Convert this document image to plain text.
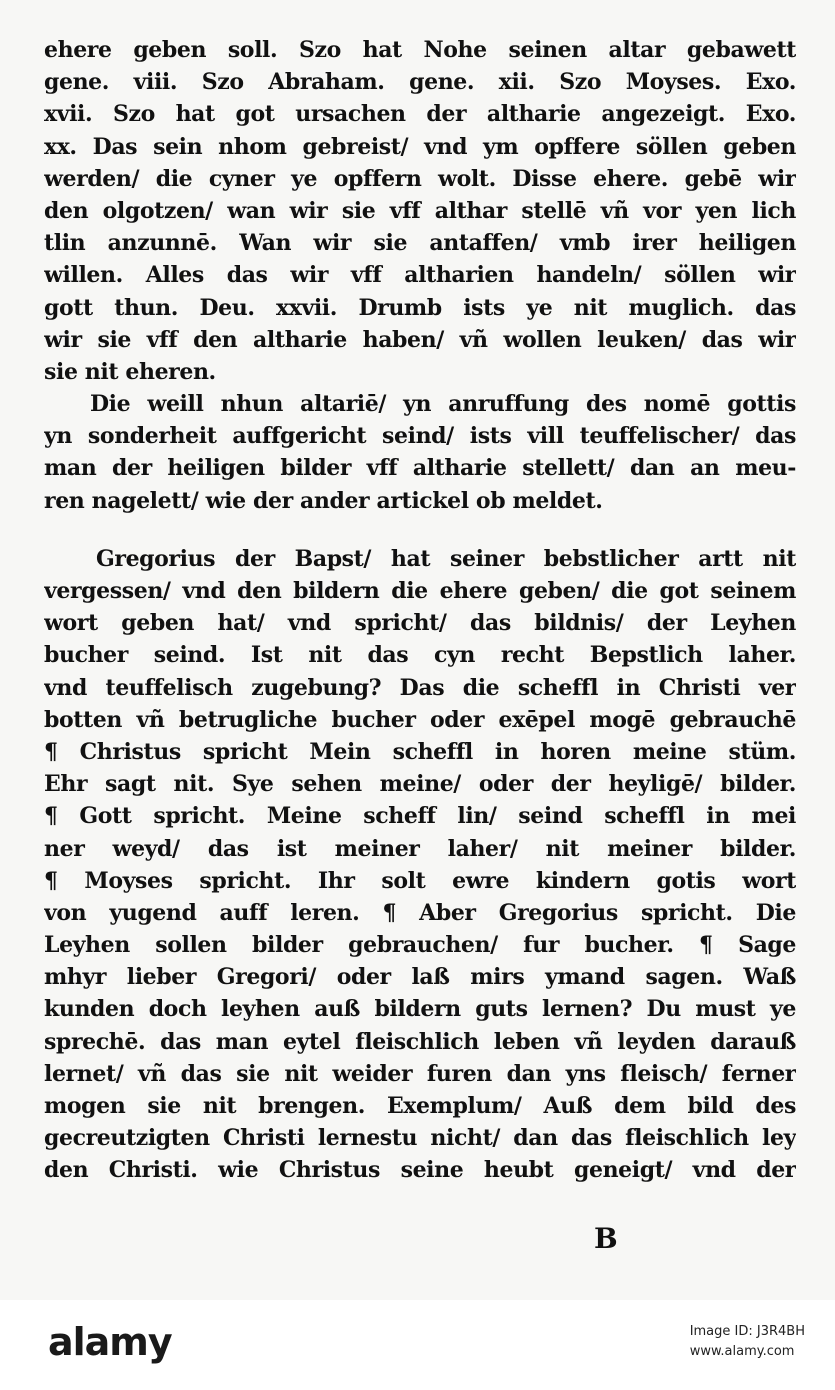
ehere geben soll. Szo hat Nohe seinen altar gebawett
gene. viii. Szo Abraham. gene. xii. Szo Moyses. Exo.
xvii. Szo hat got ursachen der altharie angezeigt. Exo.
xx. Das sein nhom gebreist/ vnd ym opffere söllen geben
werden/ die cyner ye opffern wolt. Disse ehere. gebē wir
den olgotzen/ wan wir sie vff althar stellē vñ vor yen lich
tlin anzunnē. Wan wir sie antaffen/ vmb irer heiligen
willen. Alles das wir vff altharien handeln/ söllen wir
gott thun. Deu. xxvii. Drumb ists ye nit muglich. das
wir sie vff den altharie haben/ vñ wollen leuken/ das wir
sie nit eheren.
Die weill nhun altariē/ yn anruffung des nomē gottis
yn sonderheit auffgericht seind/ ists vill teuffelischer/ das
man der heiligen bilder vff altharie stellett/ dan an meu-
ren nagelett/ wie der ander artickel ob meldet.
Gregorius der Bapst/ hat seiner bebstlicher artt nit
vergessen/ vnd den bildern die ehere geben/ die got seinem
wort geben hat/ vnd spricht/ das bildnis/ der Leyhen
bucher seind. Ist nit das cyn recht Bepstlich laher.
vnd teuffelisch zugebung? Das die scheffl in Christi ver
botten vñ betrugliche bucher oder exēpel mogē gebrauchē
¶ Christus spricht Mein scheffl in horen meine stüm.
Ehr sagt nit. Sye sehen meine/ oder der heyligē/ bilder.
¶ Gott spricht. Meine scheff lin/ seind scheffl in mei
ner weyd/ das ist meiner laher/ nit meiner bilder.
¶ Moyses spricht. Ihr solt ewre kindern gotis wort
von yugend auff leren. ¶ Aber Gregorius spricht. Die
Leyhen sollen bilder gebrauchen/ fur bucher. ¶ Sage
mhyr lieber Gregori/ oder laß mirs ymand sagen. Waß
kunden doch leyhen auß bildern guts lernen? Du must ye
sprechē. das man eytel fleischlich leben vñ leyden darauß
lernet/ vñ das sie nit weider furen dan yns fleisch/ ferner
mogen sie nit brengen. Exemplum/ Auß dem bild des
gecreutzigten Christi lernestu nicht/ dan das fleischlich ley
den Christi. wie Christus seine heubt geneigt/ vnd der
B
alamy	Image ID: J3R4BH
www.alamy.com
